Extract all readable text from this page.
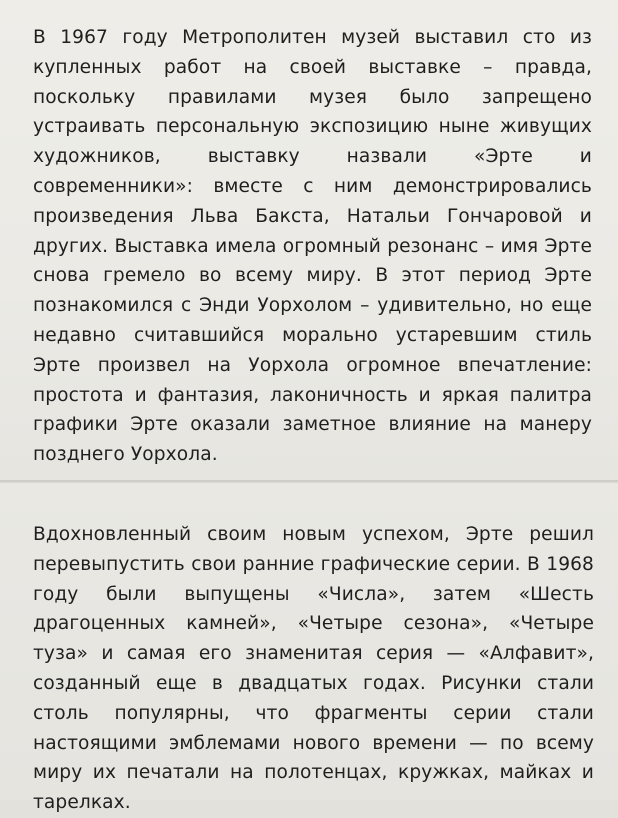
В 1967 году Метрополитен музей выставил сто из купленных работ на своей выставке – правда, поскольку правилами музея было запрещено устраивать персональную экспозицию ныне живущих художников, выставку назвали «Эрте и современники»: вместе с ним демонстрировались произведения Льва Бакста, Натальи Гончаровой и других. Выставка имела огромный резонанс – имя Эрте снова гремело во всему миру. В этот период Эрте познакомился с Энди Уорхолом – удивительно, но еще недавно считавшийся морально устаревшим стиль Эрте произвел на Уорхола огромное впечатление: простота и фантазия, лаконичность и яркая палитра графики Эрте оказали заметное влияние на манеру позднего Уорхола.

Вдохновленный своим новым успехом, Эрте решил перевыпустить свои ранние графические серии. В 1968 году были выпущены «Числа», затем «Шесть драгоценных камней», «Четыре сезона», «Четыре туза» и самая его знаменитая серия — «Алфавит», созданный еще в двадцатых годах. Рисунки стали столь популярны, что фрагменты серии стали настоящими эмблемами нового времени — по всему миру их печатали на полотенцах, кружках, майках и тарелках.
